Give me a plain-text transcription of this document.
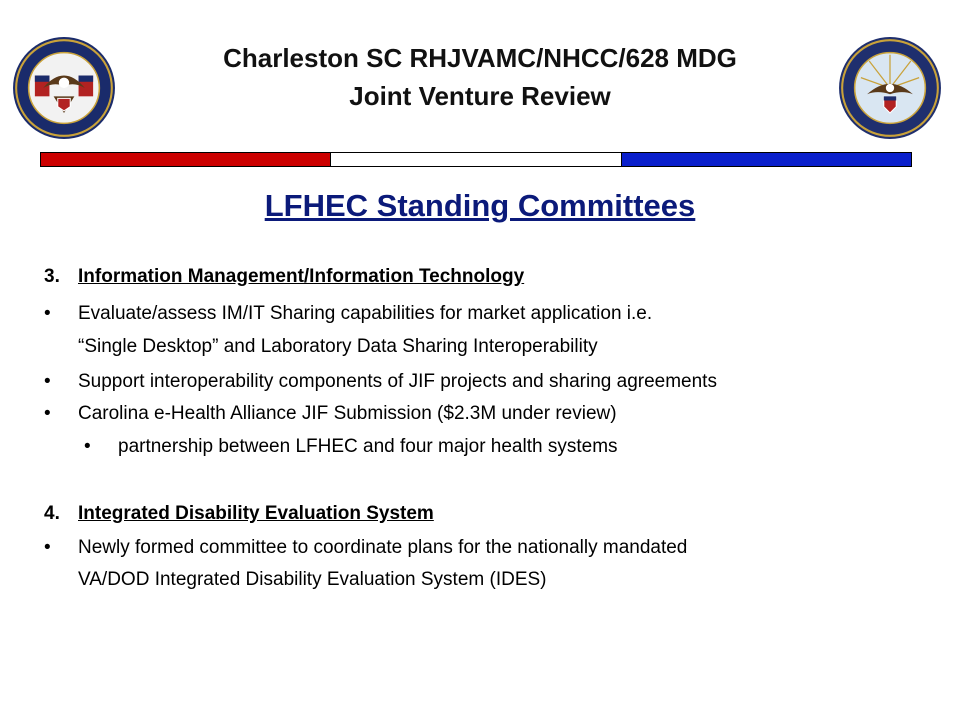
Charleston SC RHJVAMC/NHCC/628 MDG
Joint Venture Review
LFHEC Standing Committees
3. Information Management/Information Technology
• Evaluate/assess IM/IT Sharing capabilities for market application i.e.
“Single Desktop” and Laboratory Data Sharing Interoperability
• Support interoperability components of JIF projects and sharing agreements
• Carolina e-Health Alliance JIF Submission ($2.3M under review)
• partnership between LFHEC and four major health systems
4. Integrated Disability Evaluation System
• Newly formed committee to coordinate plans for the nationally mandated
VA/DOD Integrated Disability Evaluation System (IDES)
